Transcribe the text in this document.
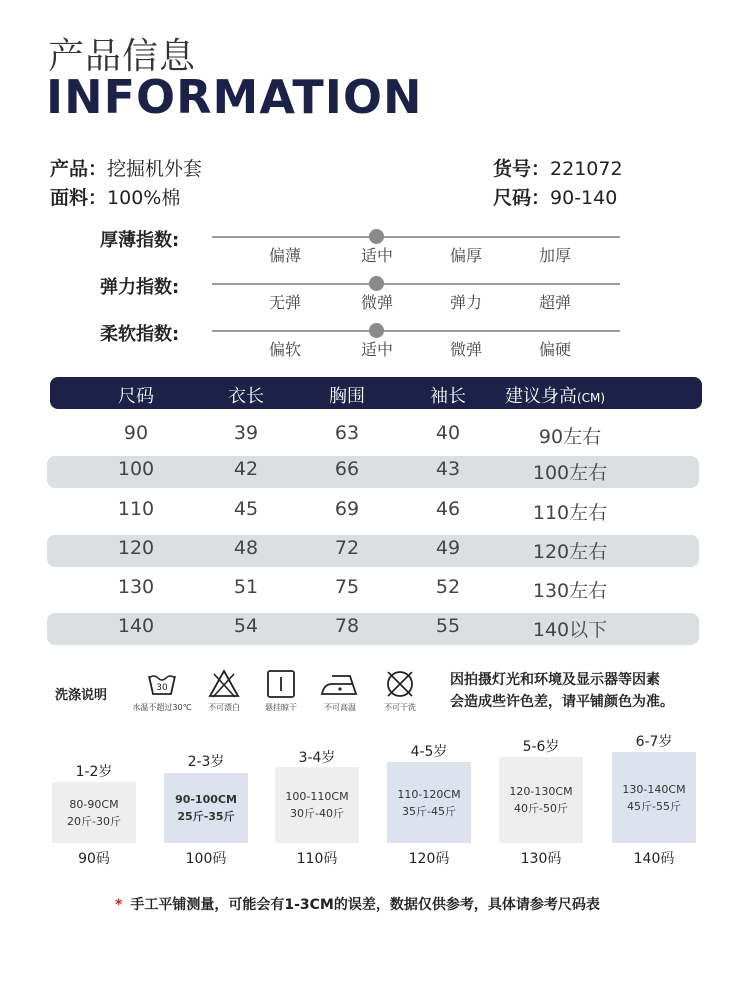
产品信息
INFORMATION
产品：挖掘机外套
面料：100%棉
货号：221072
尺码：90-140
厚薄指数:
偏薄	适中	偏厚	加厚
弹力指数:
无弹	微弹	弹力	超弹
柔软指数:
偏软	适中	微弹	偏硬
尺码	衣长	胸围	袖长	建议身高(CM)
90	39	63	40	90左右
100	42	66	43	100左右
110	45	69	46	110左右
120	48	72	49	120左右
130	51	75	52	130左右
140	54	78	55	140以下
洗涤说明	30
水温不超过30℃	不可漂白	悬挂晾干	不可高温	不可干洗
因拍摄灯光和环境及显示器等因素
会造成些许色差，请平铺颜色为准。
1-2岁
80-90CM
20斤-30斤
90码
2-3岁
90-100CM
25斤-35斤
100码
3-4岁
100-110CM
30斤-40斤
110码
4-5岁
110-120CM
35斤-45斤
120码
5-6岁
120-130CM
40斤-50斤
130码
6-7岁
130-140CM
45斤-55斤
140码
* 手工平铺测量，可能会有1-3CM的误差，数据仅供参考，具体请参考尺码表
